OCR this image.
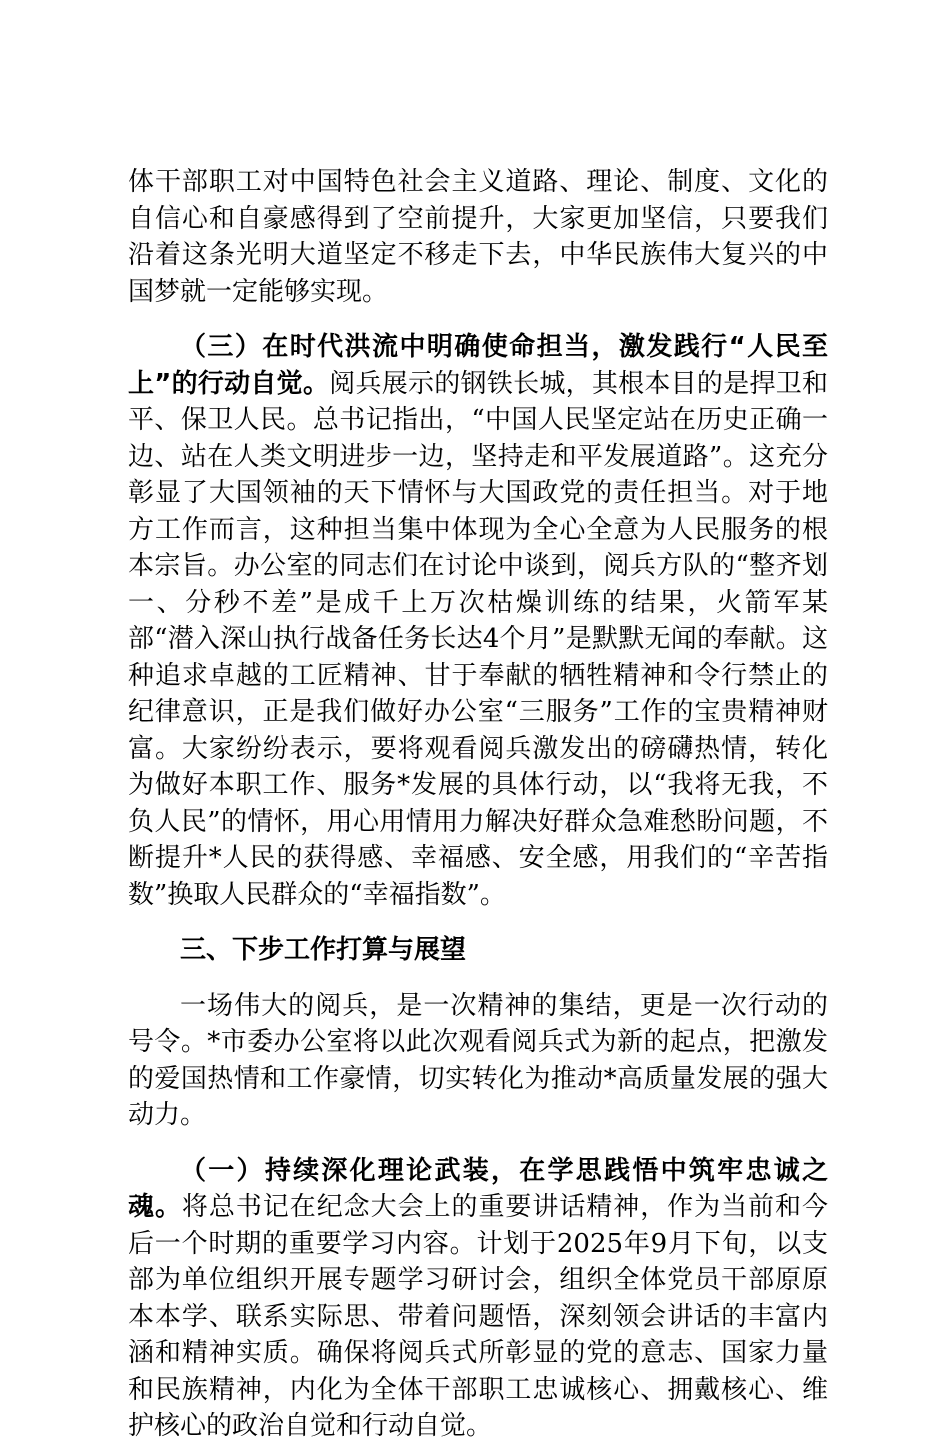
体干部职工对中国特色社会主义道路、理论、制度、文化的自信心和自豪感得到了空前提升，大家更加坚信，只要我们沿着这条光明大道坚定不移走下去，中华民族伟大复兴的中国梦就一定能够实现。

（三）在时代洪流中明确使命担当，激发践行“人民至上”的行动自觉。阅兵展示的钢铁长城，其根本目的是捍卫和平、保卫人民。总书记指出，“中国人民坚定站在历史正确一边、站在人类文明进步一边，坚持走和平发展道路”。这充分彰显了大国领袖的天下情怀与大国政党的责任担当。对于地方工作而言，这种担当集中体现为全心全意为人民服务的根本宗旨。办公室的同志们在讨论中谈到，阅兵方队的“整齐划一、分秒不差”是成千上万次枯燥训练的结果，火箭军某部“潜入深山执行战备任务长达4个月”是默默无闻的奉献。这种追求卓越的工匠精神、甘于奉献的牺牲精神和令行禁止的纪律意识，正是我们做好办公室“三服务”工作的宝贵精神财富。大家纷纷表示，要将观看阅兵激发出的磅礴热情，转化为做好本职工作、服务*发展的具体行动，以“我将无我，不负人民”的情怀，用心用情用力解决好群众急难愁盼问题，不断提升*人民的获得感、幸福感、安全感，用我们的“辛苦指数”换取人民群众的“幸福指数”。

三、下步工作打算与展望

一场伟大的阅兵，是一次精神的集结，更是一次行动的号令。*市委办公室将以此次观看阅兵式为新的起点，把激发的爱国热情和工作豪情，切实转化为推动*高质量发展的强大动力。

（一）持续深化理论武装，在学思践悟中筑牢忠诚之魂。将总书记在纪念大会上的重要讲话精神，作为当前和今后一个时期的重要学习内容。计划于2025年9月下旬，以支部为单位组织开展专题学习研讨会，组织全体党员干部原原本本学、联系实际思、带着问题悟，深刻领会讲话的丰富内涵和精神实质。确保将阅兵式所彰显的党的意志、国家力量和民族精神，内化为全体干部职工忠诚核心、拥戴核心、维护核心的政治自觉和行动自觉。
